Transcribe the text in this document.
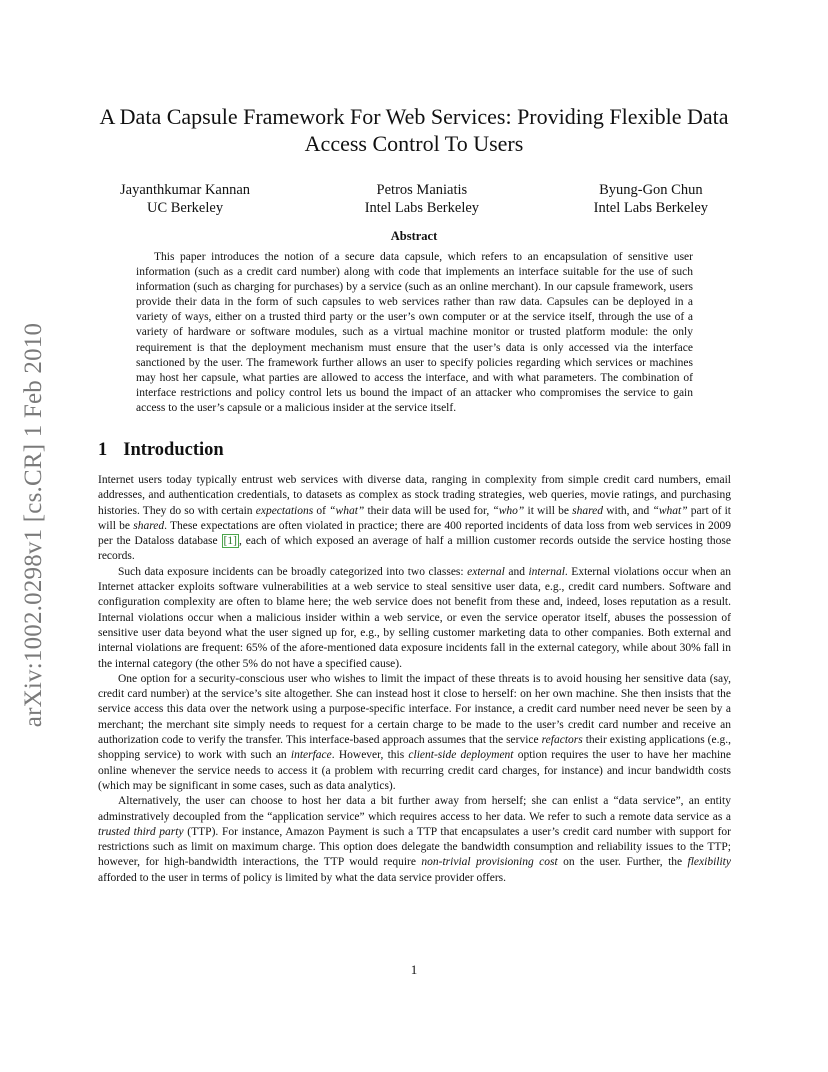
arXiv:1002.0298v1 [cs.CR] 1 Feb 2010
A Data Capsule Framework For Web Services: Providing Flexible Data Access Control To Users
Jayanthkumar Kannan
UC Berkeley
Petros Maniatis
Intel Labs Berkeley
Byung-Gon Chun
Intel Labs Berkeley
Abstract

This paper introduces the notion of a secure data capsule, which refers to an encapsulation of sensitive user information (such as a credit card number) along with code that implements an interface suitable for the use of such information (such as charging for purchases) by a service (such as an online merchant). In our capsule framework, users provide their data in the form of such capsules to web services rather than raw data. Capsules can be deployed in a variety of ways, either on a trusted third party or the user’s own computer or at the service itself, through the use of a variety of hardware or software modules, such as a virtual machine monitor or trusted platform module: the only requirement is that the deployment mechanism must ensure that the user’s data is only accessed via the interface sanctioned by the user. The framework further allows an user to specify policies regarding which services or machines may host her capsule, what parties are allowed to access the interface, and with what parameters. The combination of interface restrictions and policy control lets us bound the impact of an attacker who compromises the service to gain access to the user’s capsule or a malicious insider at the service itself.

1 Introduction

Internet users today typically entrust web services with diverse data, ranging in complexity from simple credit card numbers, email addresses, and authentication credentials, to datasets as complex as stock trading strategies, web queries, movie ratings, and purchasing histories. They do so with certain expectations of “what” their data will be used for, “who” it will be shared with, and “what” part of it will be shared. These expectations are often violated in practice; there are 400 reported incidents of data loss from web services in 2009 per the Dataloss database [1] , each of which exposed an average of half a million customer records outside the service hosting those records.

Such data exposure incidents can be broadly categorized into two classes: external and internal. External violations occur when an Internet attacker exploits software vulnerabilities at a web service to steal sensitive user data, e.g., credit card numbers. Software and configuration complexity are often to blame here; the web service does not benefit from these and, indeed, loses reputation as a result. Internal violations occur when a malicious insider within a web service, or even the service operator itself, abuses the possession of sensitive user data beyond what the user signed up for, e.g., by selling customer marketing data to other companies. Both external and internal violations are frequent: 65% of the afore-mentioned data exposure incidents fall in the external category, while about 30% fall in the internal category (the other 5% do not have a specified cause).

One option for a security-conscious user who wishes to limit the impact of these threats is to avoid housing her sensitive data (say, credit card number) at the service’s site altogether. She can instead host it close to herself: on her own machine. She then insists that the service access this data over the network using a purpose-specific interface. For instance, a credit card number need never be seen by a merchant; the merchant site simply needs to request for a certain charge to be made to the user’s credit card number and receive an authorization code to verify the transfer. This interface-based approach assumes that the service refactors their existing applications (e.g., shopping service) to work with such an interface. However, this client-side deployment option requires the user to have her machine online whenever the service needs to access it (a problem with recurring credit card charges, for instance) and incur bandwidth costs (which may be significant in some cases, such as data analytics).

Alternatively, the user can choose to host her data a bit further away from herself; she can enlist a “data service”, an entity adminstratively decoupled from the “application service” which requires access to her data. We refer to such a remote data service as a trusted third party (TTP). For instance, Amazon Payment is such a TTP that encapsulates a user’s credit card number with support for restrictions such as limit on maximum charge. This option does delegate the bandwidth consumption and reliability issues to the TTP; however, for high-bandwidth interactions, the TTP would require non-trivial provisioning cost on the user. Further, the flexibility afforded to the user in terms of policy is limited by what the data service provider offers.

1
